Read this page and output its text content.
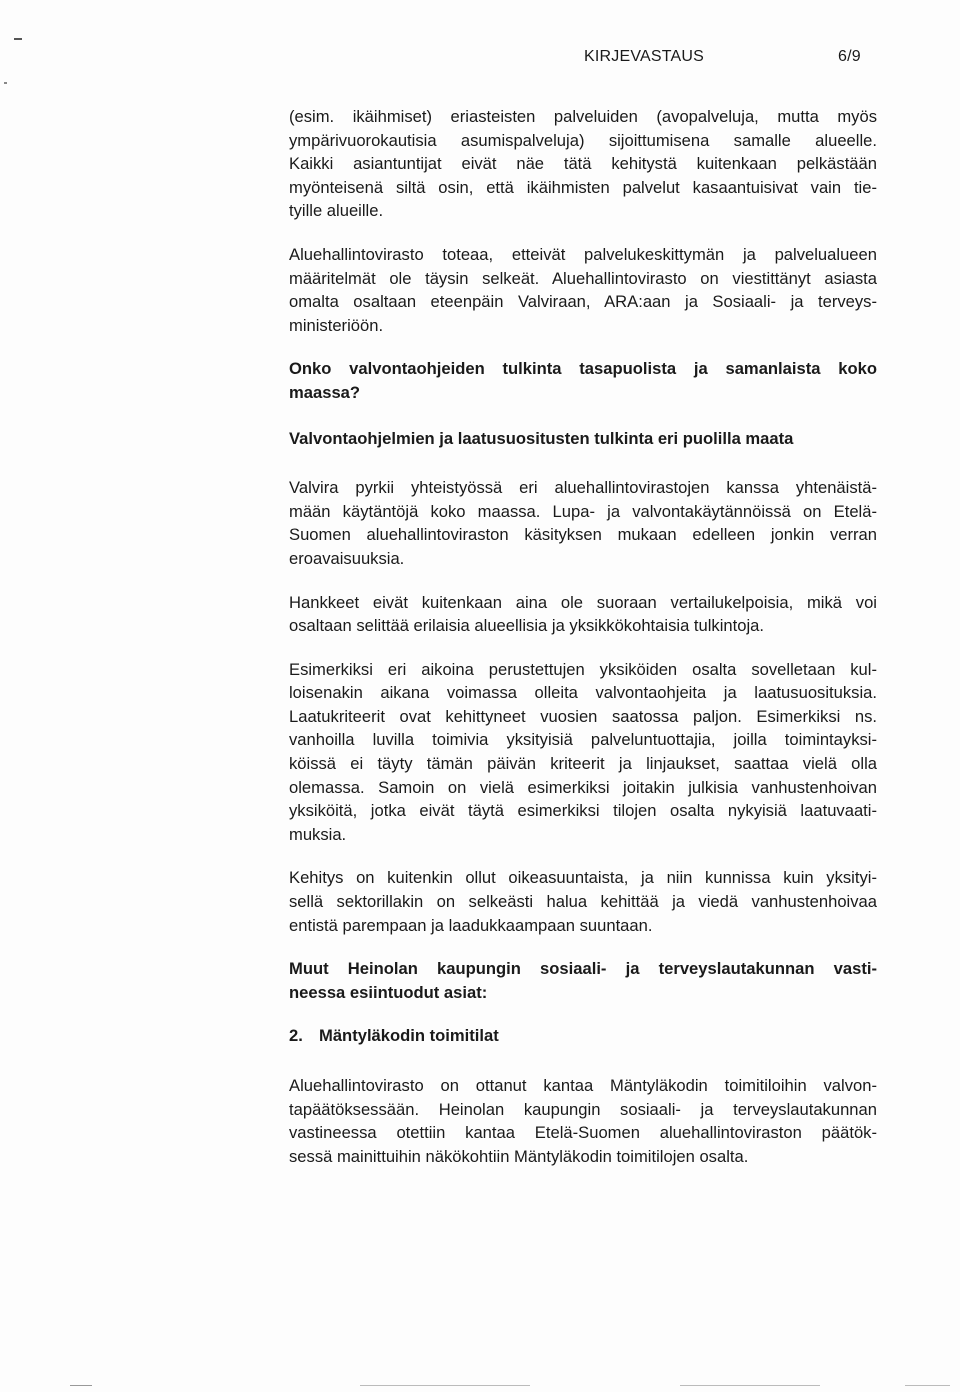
KIRJEVASTAUS	6/9
(esim. ikäihmiset) eriasteisten palveluiden (avopalveluja, mutta myös
ympärivuorokautisia asumispalveluja) sijoittumisena samalle alueelle.
Kaikki asiantuntijat eivät näe tätä kehitystä kuitenkaan pelkästään
myönteisenä siltä osin, että ikäihmisten palvelut kasaantuisivat vain tie-
tyille alueille.
Aluehallintovirasto toteaa, etteivät palvelukeskittymän ja palvelualueen
määritelmät ole täysin selkeät. Aluehallintovirasto on viestittänyt asiasta
omalta osaltaan eteenpäin Valviraan, ARA:aan ja Sosiaali- ja terveys-
ministeriöön.
Onko valvontaohjeiden tulkinta tasapuolista ja samanlaista koko
maassa?
Valvontaohjelmien ja laatusuositusten tulkinta eri puolilla maata
Valvira pyrkii yhteistyössä eri aluehallintovirastojen kanssa yhtenäistä-
mään käytäntöjä koko maassa. Lupa- ja valvontakäytännöissä on Etelä-
Suomen aluehallintoviraston käsityksen mukaan edelleen jonkin verran
eroavaisuuksia.
Hankkeet eivät kuitenkaan aina ole suoraan vertailukelpoisia, mikä voi
osaltaan selittää erilaisia alueellisia ja yksikkökohtaisia tulkintoja.
Esimerkiksi eri aikoina perustettujen yksiköiden osalta sovelletaan kul-
loisenakin aikana voimassa olleita valvontaohjeita ja laatusuosituksia.
Laatukriteerit ovat kehittyneet vuosien saatossa paljon. Esimerkiksi ns.
vanhoilla luvilla toimivia yksityisiä palveluntuottajia, joilla toimintayksi-
köissä ei täyty tämän päivän kriteerit ja linjaukset, saattaa vielä olla
olemassa. Samoin on vielä esimerkiksi joitakin julkisia vanhustenhoivan
yksiköitä, jotka eivät täytä esimerkiksi tilojen osalta nykyisiä laatuvaati-
muksia.
Kehitys on kuitenkin ollut oikeasuuntaista, ja niin kunnissa kuin yksityi-
sellä sektorillakin on selkeästi halua kehittää ja viedä vanhustenhoivaa
entistä parempaan ja laadukkaampaan suuntaan.
Muut Heinolan kaupungin sosiaali- ja terveyslautakunnan vasti-
neessa esiintuodut asiat:
2. Mäntyläkodin toimitilat
Aluehallintovirasto on ottanut kantaa Mäntyläkodin toimitiloihin valvon-
tapäätöksessään. Heinolan kaupungin sosiaali- ja terveyslautakunnan
vastineessa otettiin kantaa Etelä-Suomen aluehallintoviraston päätök-
sessä mainittuihin näkökohtiin Mäntyläkodin toimitilojen osalta.
